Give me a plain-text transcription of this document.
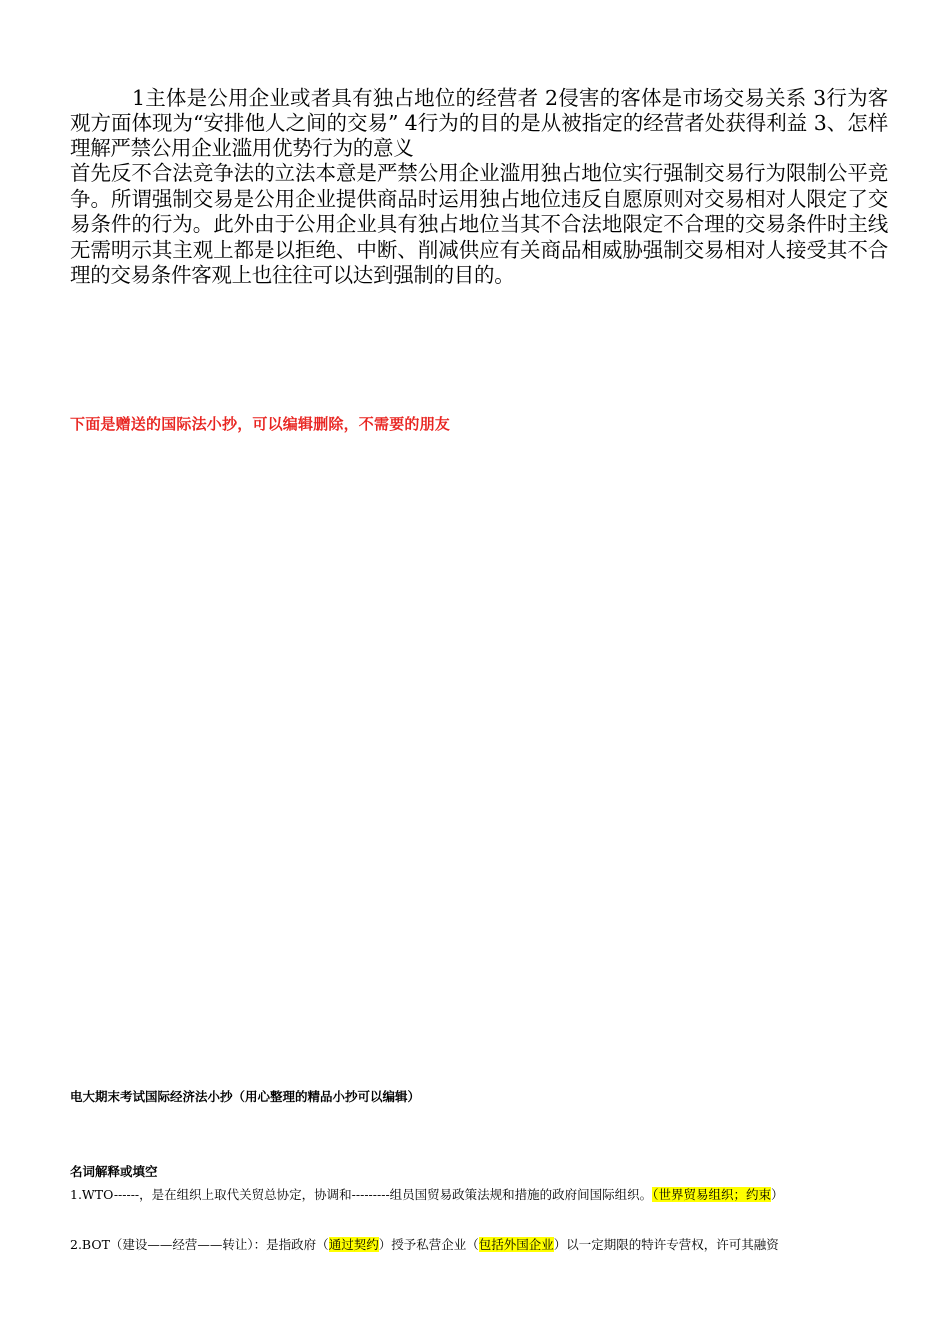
1主体是公用企业或者具有独占地位的经营者 2侵害的客体是市场交易关系 3行为客观方面体现为“安排他人之间的交易” 4行为的目的是从被指定的经营者处获得利益 3、怎样理解严禁公用企业滥用优势行为的意义

首先反不合法竞争法的立法本意是严禁公用企业滥用独占地位实行强制交易行为限制公平竞争。所谓强制交易是公用企业提供商品时运用独占地位违反自愿原则对交易相对人限定了交易条件的行为。此外由于公用企业具有独占地位当其不合法地限定不合理的交易条件时主线无需明示其主观上都是以拒绝、中断、削减供应有关商品相威胁强制交易相对人接受其不合理的交易条件客观上也往往可以达到强制的目的。

下面是赠送的国际法小抄，可以编辑删除，不需要的朋友
电大期末考试国际经济法小抄（用心整理的精品小抄可以编辑）
名词解释或填空
1.WTO------，是在组织上取代关贸总协定，协调和---------组员国贸易政策法规和措施的政府间国际组织。（世界贸易组织；约束）
2.BOT（建设——经营——转让）：是指政府（通过契约）授予私营企业（包括外国企业）以一定期限的特许专营权，许可其融资
